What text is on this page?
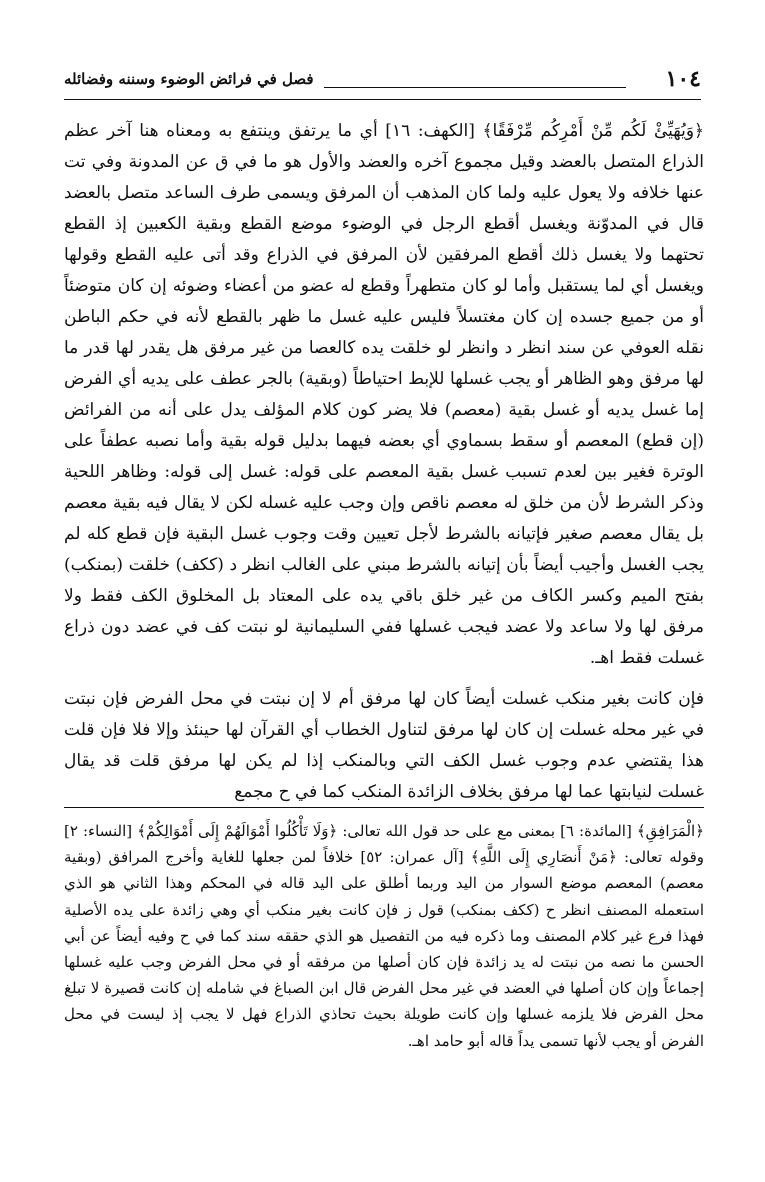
١٠٤
فصل في فرائض الوضوء وسننه وفضائله

﴿وَيُهَيِّئْ لَكُم مِّنْ أَمْرِكُم مِّرْفَقًا﴾ [الكهف: ١٦] أي ما يرتفق وينتفع به ومعناه هنا آخر عظم الذراع المتصل بالعضد وقيل مجموع آخره والعضد والأول هو ما في ق عن المدونة وفي تت عنها خلافه ولا يعول عليه ولما كان المذهب أن المرفق ويسمى طرف الساعد متصل بالعضد قال في المدوّنة ويغسل أقطع الرجل في الوضوء موضع القطع وبقية الكعبين إذ القطع تحتهما ولا يغسل ذلك أقطع المرفقين لأن المرفق في الذراع وقد أتى عليه القطع وقولها ويغسل أي لما يستقبل وأما لو كان متطهراً وقطع له عضو من أعضاء وضوئه إن كان متوضئاً أو من جميع جسده إن كان مغتسلاً فليس عليه غسل ما ظهر بالقطع لأنه في حكم الباطن نقله العوفي عن سند انظر د وانظر لو خلقت يده كالعصا من غير مرفق هل يقدر لها قدر ما لها مرفق وهو الظاهر أو يجب غسلها للإبط احتياطاً (وبقية) بالجر عطف على يديه أي الفرض إما غسل يديه أو غسل بقية (معصم) فلا يضر كون كلام المؤلف يدل على أنه من الفرائض (إن قطع) المعصم أو سقط بسماوي أي بعضه فيهما بدليل قوله بقية وأما نصبه عطفاً على الوترة فغير بين لعدم تسبب غسل بقية المعصم على قوله: غسل إلى قوله: وظاهر اللحية وذكر الشرط لأن من خلق له معصم ناقص وإن وجب عليه غسله لكن لا يقال فيه بقية معصم بل يقال معصم صغير فإتيانه بالشرط لأجل تعيين وقت وجوب غسل البقية فإن قطع كله لم يجب الغسل وأجيب أيضاً بأن إتيانه بالشرط مبني على الغالب انظر د (ككف) خلقت (بمنكب) بفتح الميم وكسر الكاف من غير خلق باقي يده على المعتاد بل المخلوق الكف فقط ولا مرفق لها ولا ساعد ولا عضد فيجب غسلها ففي السليمانية لو نبتت كف في عضد دون ذراع غسلت فقط اهـ.

فإن كانت بغير منكب غسلت أيضاً كان لها مرفق أم لا إن نبتت في محل الفرض فإن نبتت في غير محله غسلت إن كان لها مرفق لتناول الخطاب أي القرآن لها حينئذ وإلا فلا فإن قلت هذا يقتضي عدم وجوب غسل الكف التي وبالمنكب إذا لم يكن لها مرفق قلت قد يقال غسلت لنيابتها عما لها مرفق بخلاف الزائدة المنكب كما في ح مجمع

﴿الْمَرَافِقِ﴾ [المائدة: ٦] بمعنى مع على حد قول الله تعالى: ﴿وَلَا تَأْكُلُوا أَمْوَالَهُمْ إِلَى أَمْوَالِكُمْ﴾ [النساء: ٢] وقوله تعالى: ﴿مَنْ أَنصَارِي إِلَى اللَّهِ﴾ [آل عمران: ٥٢] خلافاً لمن جعلها للغاية وأخرج المرافق (وبقية معصم) المعصم موضع السوار من اليد وربما أطلق على اليد قاله في المحكم وهذا الثاني هو الذي استعمله المصنف انظر ح (ككف بمنكب) قول ز فإن كانت بغير منكب أي وهي زائدة على يده الأصلية فهذا فرع غير كلام المصنف وما ذكره فيه من التفصيل هو الذي حققه سند كما في ح وفيه أيضاً عن أبي الحسن ما نصه من نبتت له يد زائدة فإن كان أصلها من مرفقه أو في محل الفرض وجب عليه غسلها إجماعاً وإن كان أصلها في العضد في غير محل الفرض قال ابن الصباغ في شامله إن كانت قصيرة لا تبلغ محل الفرض فلا يلزمه غسلها وإن كانت طويلة بحيث تحاذي الذراع فهل لا يجب إذ ليست في محل الفرض أو يجب لأنها تسمى يداً قاله أبو حامد اهـ.
